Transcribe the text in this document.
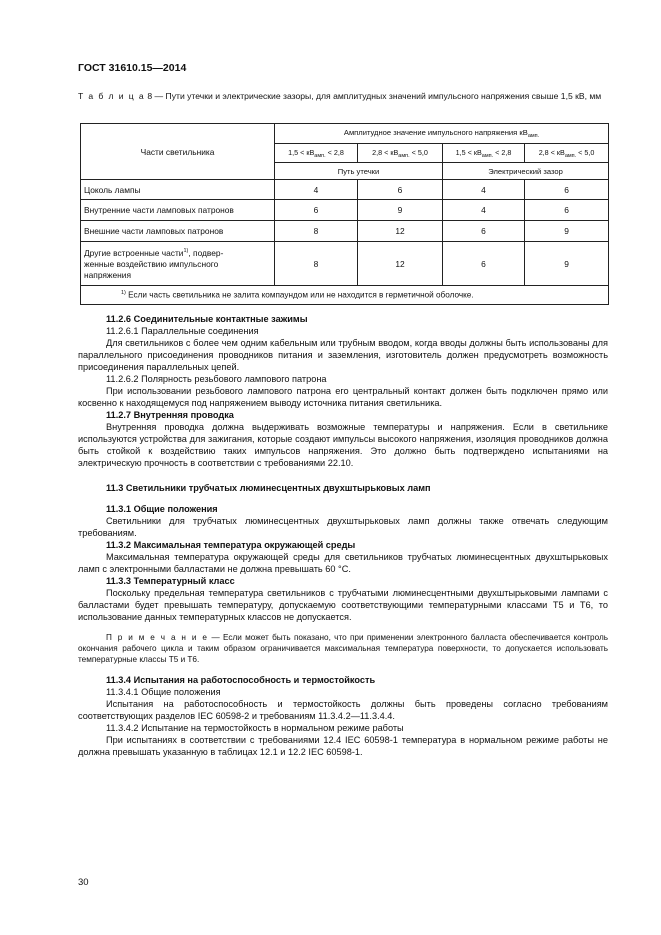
ГОСТ 31610.15—2014
Т а б л и ц а 8 — Пути утечки и электрические зазоры, для амплитудных значений импульсного напряжения свыше 1,5 кВ, мм
Части светильника	Амплитудное значение импульсного напряжения $кВ_{амп.}$
	$1,5 < кВ_{амп.} < 2,8$	$2,8 < кВ_{амп.} < 5,0$	$1,5 < кВ_{амп.} < 2,8$	$2,8 < кВ_{амп.} < 5,0$
	Путь утечки		Электрический зазор	
Цоколь лампы	4	6	4	6
Внутренние части ламповых патронов	6	9	4	6
Внешние части ламповых патронов	8	12	6	9
Другие встроенные части$^{1)}$, подвер-
женные воздействию импульсного
напряжения	8	12	6	9
$^{1)}$ Если часть светильника не залита компаундом или не находится в герметичной оболочке.				

11.2.6 Соединительные контактные зажимы

11.2.6.1 Параллельные соединения

Для светильников с более чем одним кабельным или трубным вводом, когда вводы должны быть использованы для параллельного присоединения проводников питания и заземления, изготовитель должен предусмотреть возможность присоединения параллельных цепей.

11.2.6.2 Полярность резьбового лампового патрона

При использовании резьбового лампового патрона его центральный контакт должен быть подключен прямо или косвенно к находящемуся под напряжением выводу источника питания светильника.

11.2.7 Внутренняя проводка

Внутренняя проводка должна выдерживать возможные температуры и напряжения. Если в светильнике используются устройства для зажигания, которые создают импульсы высокого напряжения, изоляция проводников должна быть стойкой к воздействию таких импульсов напряжения. Это должно быть подтверждено испытаниями на электрическую прочность в соответствии с требованиями 22.10.

11.3 Светильники трубчатых люминесцентных двухштырьковых ламп

11.3.1 Общие положения

Светильники для трубчатых люминесцентных двухштырьковых ламп должны также отвечать следующим требованиям.

11.3.2 Максимальная температура окружающей среды

Максимальная температура окружающей среды для светильников трубчатых люминесцентных двухштырьковых ламп с электронными балластами не должна превышать 60 °С.

11.3.3 Температурный класс

Поскольку предельная температура светильников с трубчатыми люминесцентными двухштырьковыми лампами с балластами будет превышать температуру, допускаемую соответствующими температурными классами Т5 и Т6, то использование данных температурных классов не допускается.

П р и м е ч а н и е — Если может быть показано, что при применении электронного балласта обеспечивается контроль окончания рабочего цикла и таким образом ограничивается максимальная температура поверхности, то допускается использовать температурные классы Т5 и Т6.

11.3.4 Испытания на работоспособность и термостойкость

11.3.4.1 Общие положения

Испытания на работоспособность и термостойкость должны быть проведены согласно требованиям соответствующих разделов IEC 60598-2 и требованиям 11.3.4.2—11.3.4.4.

11.3.4.2 Испытание на термостойкость в нормальном режиме работы

При испытаниях в соответствии с требованиями 12.4 IEC 60598-1 температура в нормальном режиме работы не должна превышать указанную в таблицах 12.1 и 12.2 IEC 60598-1.

30
